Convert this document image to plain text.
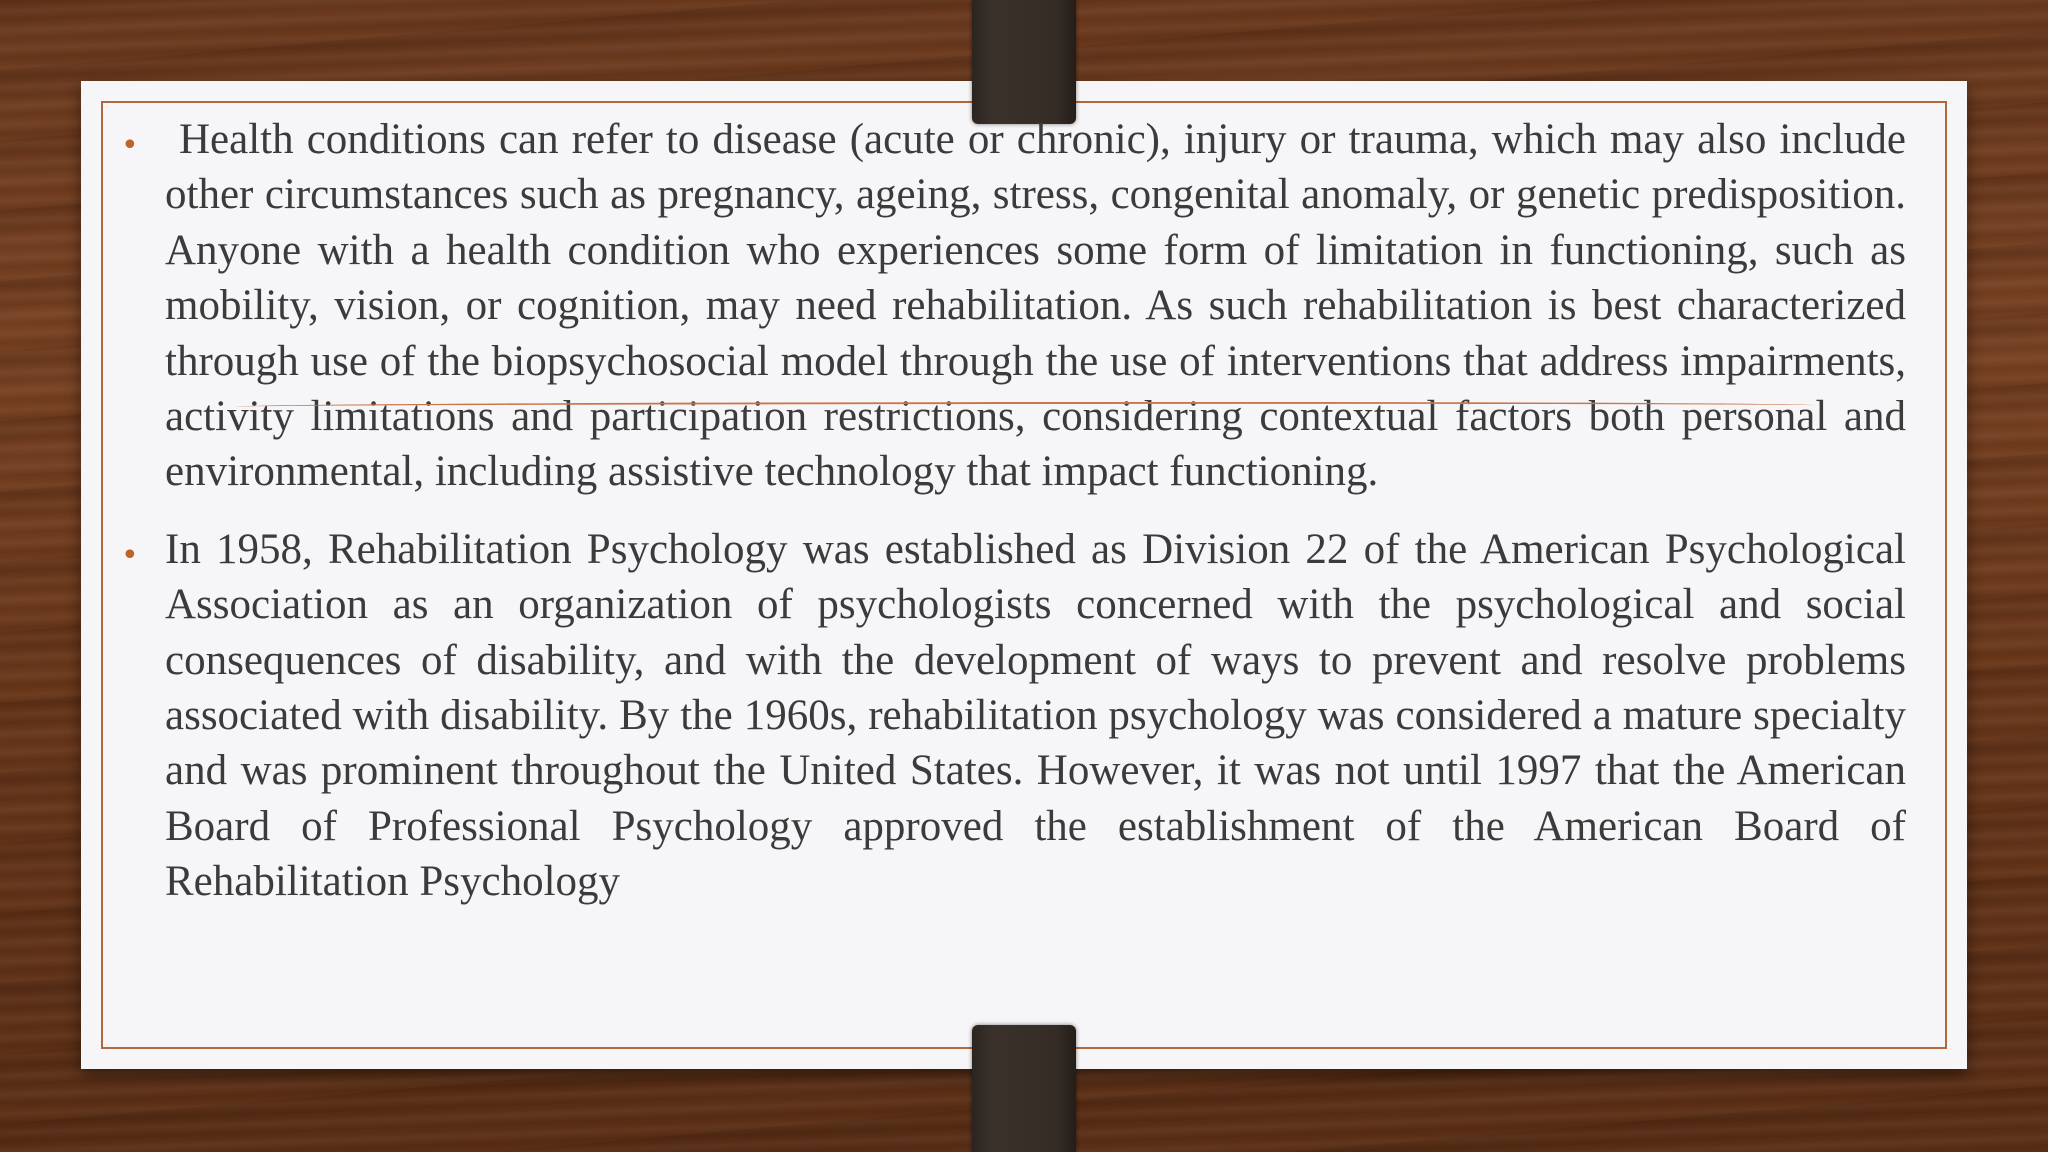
• Health conditions can refer to disease (acute or chronic), injury or trauma, which may also include other circumstances such as pregnancy, ageing, stress, congenital anomaly, or genetic predisposition. Anyone with a health condition who experiences some form of limitation in functioning, such as mobility, vision, or cognition, may need rehabilitation. As such rehabilitation is best characterized through use of the biopsychosocial model through the use of interventions that address impairments, activity limitations and participation restrictions, considering contextual factors both personal and environmental, including assistive technology that impact functioning.

• In 1958, Rehabilitation Psychology was established as Division 22 of the American Psychological Association as an organization of psychologists concerned with the psychological and social consequences of disability, and with the development of ways to prevent and resolve problems associated with disability. By the 1960s, rehabilitation psychology was considered a mature specialty and was prominent throughout the United States. However, it was not until 1997 that the American Board of Professional Psychology approved the establishment of the American Board of Rehabilitation Psychology
